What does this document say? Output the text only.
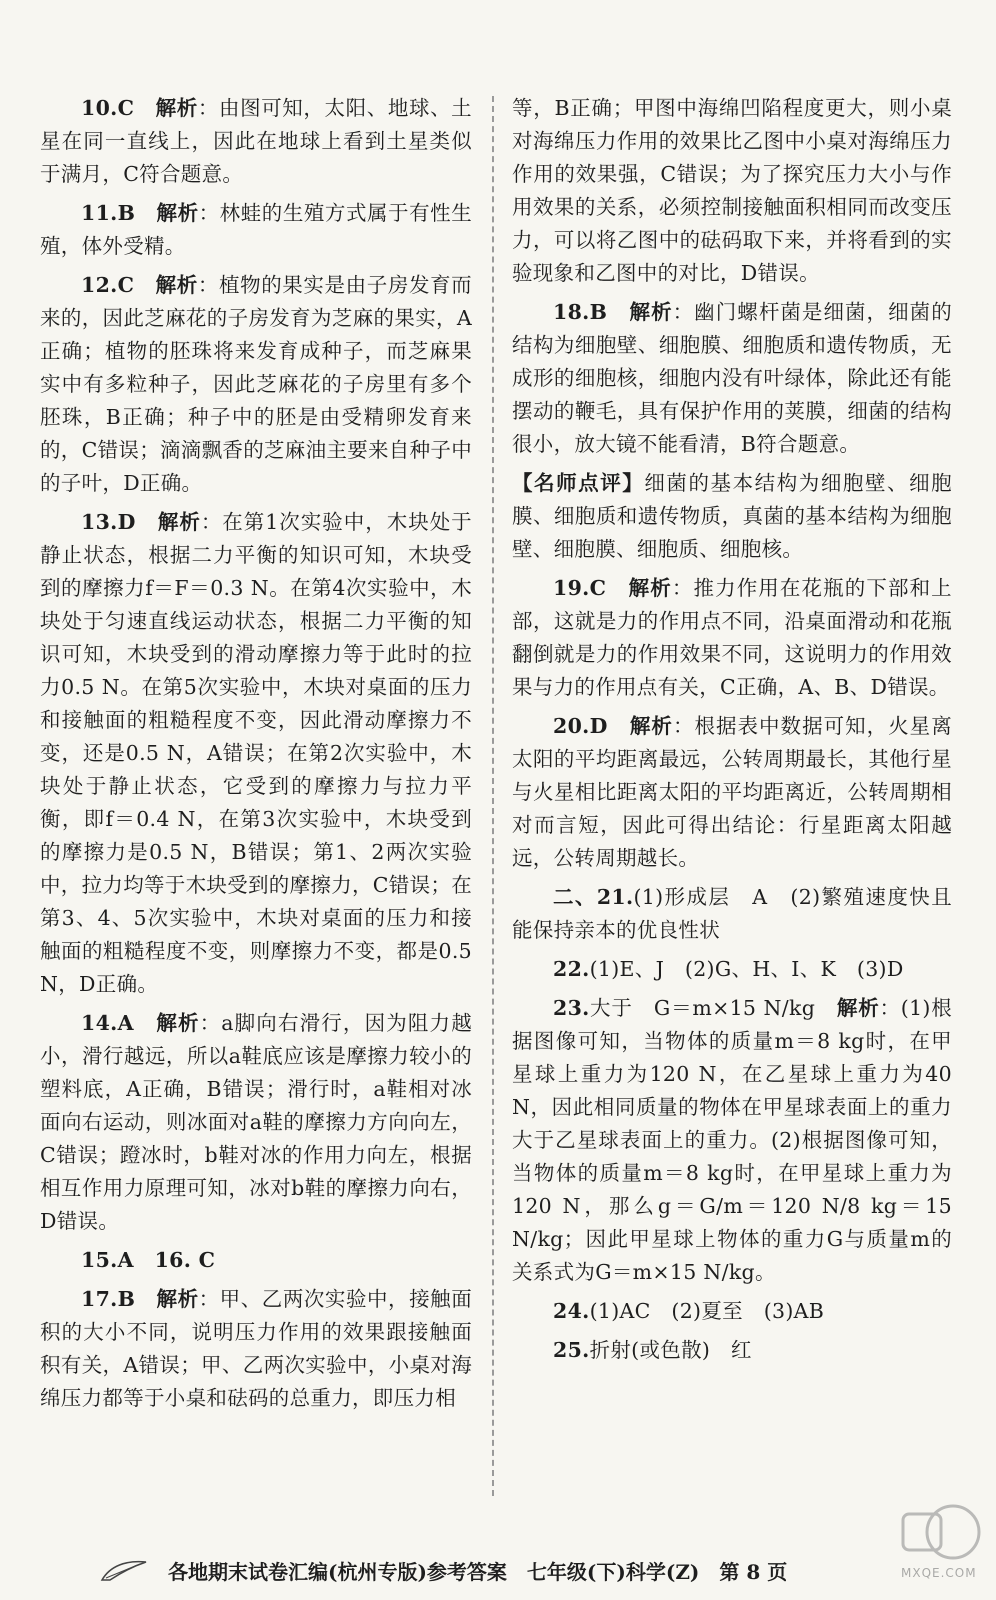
10.C　 解析：由图可知，太阳、地球、土星在同一直线上，因此在地球上看到土星类似于满月，C符合题意。

11.B　 解析：林蛙的生殖方式属于有性生殖，体外受精。

12.C　 解析：植物的果实是由子房发育而来的，因此芝麻花的子房发育为芝麻的果实，A正确；植物的胚珠将来发育成种子，而芝麻果实中有多粒种子，因此芝麻花的子房里有多个胚珠，B正确；种子中的胚是由受精卵发育来的，C错误；滴滴飘香的芝麻油主要来自种子中的子叶，D正确。

13.D　 解析：在第1次实验中，木块处于静止状态，根据二力平衡的知识可知，木块受到的摩擦力f＝F＝0.3 N。在第4次实验中，木块处于匀速直线运动状态，根据二力平衡的知识可知，木块受到的滑动摩擦力等于此时的拉力0.5 N。在第5次实验中，木块对桌面的压力和接触面的粗糙程度不变，因此滑动摩擦力不变，还是0.5 N，A错误；在第2次实验中，木块处于静止状态，它受到的摩擦力与拉力平衡，即f＝0.4 N，在第3次实验中，木块受到的摩擦力是0.5 N，B错误；第1、2两次实验中，拉力均等于木块受到的摩擦力，C错误；在第3、4、5次实验中，木块对桌面的压力和接触面的粗糙程度不变，则摩擦力不变，都是0.5 N，D正确。

14.A　 解析：a脚向右滑行，因为阻力越小，滑行越远，所以a鞋底应该是摩擦力较小的塑料底，A正确，B错误；滑行时，a鞋相对冰面向右运动，则冰面对a鞋的摩擦力方向向左，C错误；蹬冰时，b鞋对冰的作用力向左，根据相互作用力原理可知，冰对b鞋的摩擦力向右，D错误。

15.A　16. C

17.B　 解析：甲、乙两次实验中，接触面积的大小不同，说明压力作用的效果跟接触面积有关，A错误；甲、乙两次实验中，小桌对海绵压力都等于小桌和砝码的总重力，即压力相

等，B正确；甲图中海绵凹陷程度更大，则小桌对海绵压力作用的效果比乙图中小桌对海绵压力作用的效果强，C错误；为了探究压力大小与作用效果的关系，必须控制接触面积相同而改变压力，可以将乙图中的砝码取下来，并将看到的实验现象和乙图中的对比，D错误。

18.B　 解析：幽门螺杆菌是细菌，细菌的结构为细胞壁、细胞膜、细胞质和遗传物质，无成形的细胞核，细胞内没有叶绿体，除此还有能摆动的鞭毛，具有保护作用的荚膜，细菌的结构很小，放大镜不能看清，B符合题意。

【名师点评】细菌的基本结构为细胞壁、细胞膜、细胞质和遗传物质，真菌的基本结构为细胞壁、细胞膜、细胞质、细胞核。

19.C　 解析：推力作用在花瓶的下部和上部，这就是力的作用点不同，沿桌面滑动和花瓶翻倒就是力的作用效果不同，这说明力的作用效果与力的作用点有关，C正确，A、B、D错误。

20.D　 解析：根据表中数据可知，火星离太阳的平均距离最远，公转周期最长，其他行星与火星相比距离太阳的平均距离近，公转周期相对而言短，因此可得出结论：行星距离太阳越远，公转周期越长。

二、21.(1)形成层　A　(2)繁殖速度快且能保持亲本的优良性状

22.(1)E、J　(2)G、H、I、K　(3)D

23.大于　G＝m×15 N/kg　解析：(1)根据图像可知，当物体的质量m＝8 kg时，在甲星球上重力为120 N，在乙星球上重力为40 N，因此相同质量的物体在甲星球表面上的重力大于乙星球表面上的重力。(2)根据图像可知，当物体的质量m＝8 kg时，在甲星球上重力为120 N，那么g＝G/m＝120 N/8 kg＝15 N/kg；因此甲星球上物体的重力G与质量m的关系式为G＝m×15 N/kg。

24.(1)AC　(2)夏至　(3)AB

25.折射(或色散)　红

各地期末试卷汇编(杭州专版)参考答案　七年级(下)科学(Z)　第 8 页	MXQE.COM
